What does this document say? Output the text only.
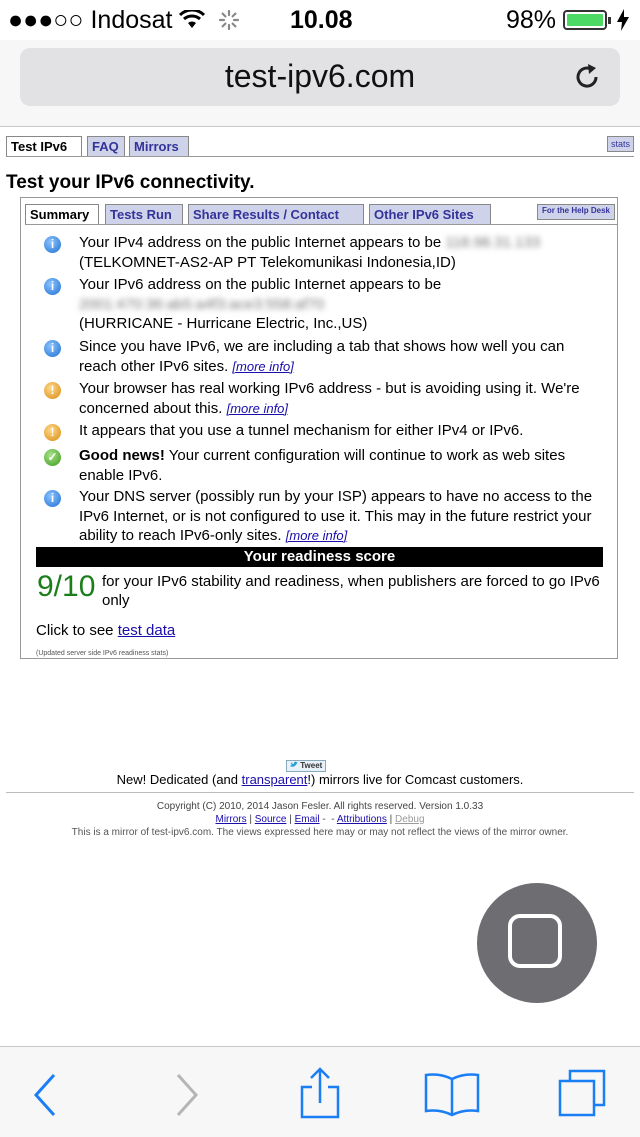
●●●○○ Indosat	10.08	98%
test-ipv6.com
Test IPv6	FAQ	Mirrors	stats
Test your IPv6 connectivity.
Summary	Tests Run	Share Results / Contact	Other IPv6 Sites	For the Help Desk
i	Your IPv4 address on the public Internet appears to be 118.98.31.133
(TELKOMNET-AS2-AP PT Telekomunikasi Indonesia,ID)
i	Your IPv6 address on the public Internet appears to be
2001:470:36:ab5:a4f3:ace3:558:af70
(HURRICANE - Hurricane Electric, Inc.,US)
i	Since you have IPv6, we are including a tab that shows how well you can reach other IPv6 sites. [more info]
!	Your browser has real working IPv6 address - but is avoiding using it. We're concerned about this. [more info]
!	It appears that you use a tunnel mechanism for either IPv4 or IPv6.
✓ Good news! Your current configuration will continue to work as web sites enable IPv6.
i	Your DNS server (possibly run by your ISP) appears to have no access to the IPv6 Internet, or is not configured to use it. This may in the future restrict your ability to reach IPv6-only sites. [more info]
Your readiness score
9/10 for your IPv6 stability and readiness, when publishers are forced to go IPv6 only
Click to see test data
(Updated server side IPv6 readiness stats)
Tweet
New! Dedicated (and transparent!) mirrors live for Comcast customers.
Copyright (C) 2010, 2014 Jason Fesler. All rights reserved. Version 1.0.33
Mirrors | Source | Email -  - Attributions | Debug
This is a mirror of test-ipv6.com. The views expressed here may or may not reflect the views of the mirror owner.
